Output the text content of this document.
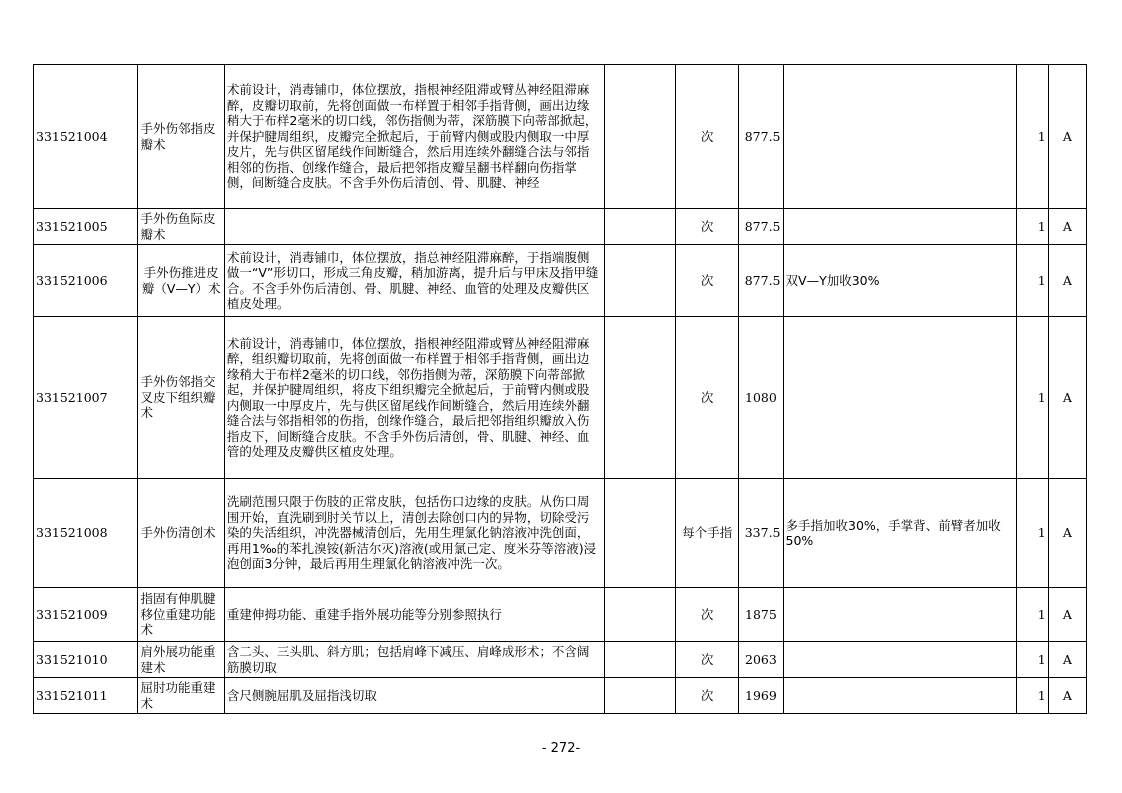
331521004	手外伤邻指皮瓣术	术前设计，消毒铺巾，体位摆放，指根神经阻滞或臂丛神经阻滞麻醉，皮瓣切取前，先将创面做一布样置于相邻手指背侧，画出边缘稍大于布样2毫米的切口线，邻伤指侧为蒂，深筋膜下向蒂部掀起，并保护腱周组织，皮瓣完全掀起后，于前臂内侧或股内侧取一中厚皮片，先与供区留尾线作间断缝合，然后用连续外翻缝合法与邻指相邻的伤指、创缘作缝合，最后把邻指皮瓣呈翻书样翻向伤指掌侧，间断缝合皮肤。不含手外伤后清创、骨、肌腱、神经		次	877.5		1	A
331521005	手外伤鱼际皮瓣术			次	877.5		1	A
331521006	手外伤推进皮瓣（V—Y）术	术前设计，消毒铺巾，体位摆放，指总神经阻滞麻醉，于指端腹侧做一“V”形切口，形成三角皮瓣，稍加游离，提升后与甲床及指甲缝合。不含手外伤后清创、骨、肌腱、神经、血管的处理及皮瓣供区植皮处理。		次	877.5	双V—Y加收30%	1	A
331521007	手外伤邻指交叉皮下组织瓣术	术前设计，消毒铺巾，体位摆放，指根神经阻滞或臂丛神经阻滞麻醉，组织瓣切取前，先将创面做一布样置于相邻手指背侧，画出边缘稍大于布样2毫米的切口线，邻伤指侧为蒂，深筋膜下向蒂部掀起，并保护腱周组织，将皮下组织瓣完全掀起后，于前臂内侧或股内侧取一中厚皮片，先与供区留尾线作间断缝合，然后用连续外翻缝合法与邻指相邻的伤指，创缘作缝合，最后把邻指组织瓣放入伤指皮下，间断缝合皮肤。不含手外伤后清创，骨、肌腱、神经、血管的处理及皮瓣供区植皮处理。		次	1080		1	A
331521008	手外伤清创术	洗刷范围只限于伤肢的正常皮肤，包括伤口边缘的皮肤。从伤口周围开始，直洗刷到肘关节以上，清创去除创口内的异物，切除受污染的失活组织，冲洗器械清创后，先用生理氯化钠溶液冲洗创面，再用1‰的苯扎溴铵(新洁尔灭)溶液(或用氯己定、度米芬等溶液)浸泡创面3分钟，最后再用生理氯化钠溶液冲洗一次。		每个手指	337.5	多手指加收30%，手掌背、前臂者加收50%	1	A
331521009	指固有伸肌腱移位重建功能术	重建伸拇功能、重建手指外展功能等分别参照执行		次	1875		1	A
331521010	肩外展功能重建术	含二头、三头肌、斜方肌；包括肩峰下减压、肩峰成形术；不含阔筋膜切取		次	2063		1	A
331521011	屈肘功能重建术	含尺侧腕屈肌及屈指浅切取		次	1969		1	A
- 272-
